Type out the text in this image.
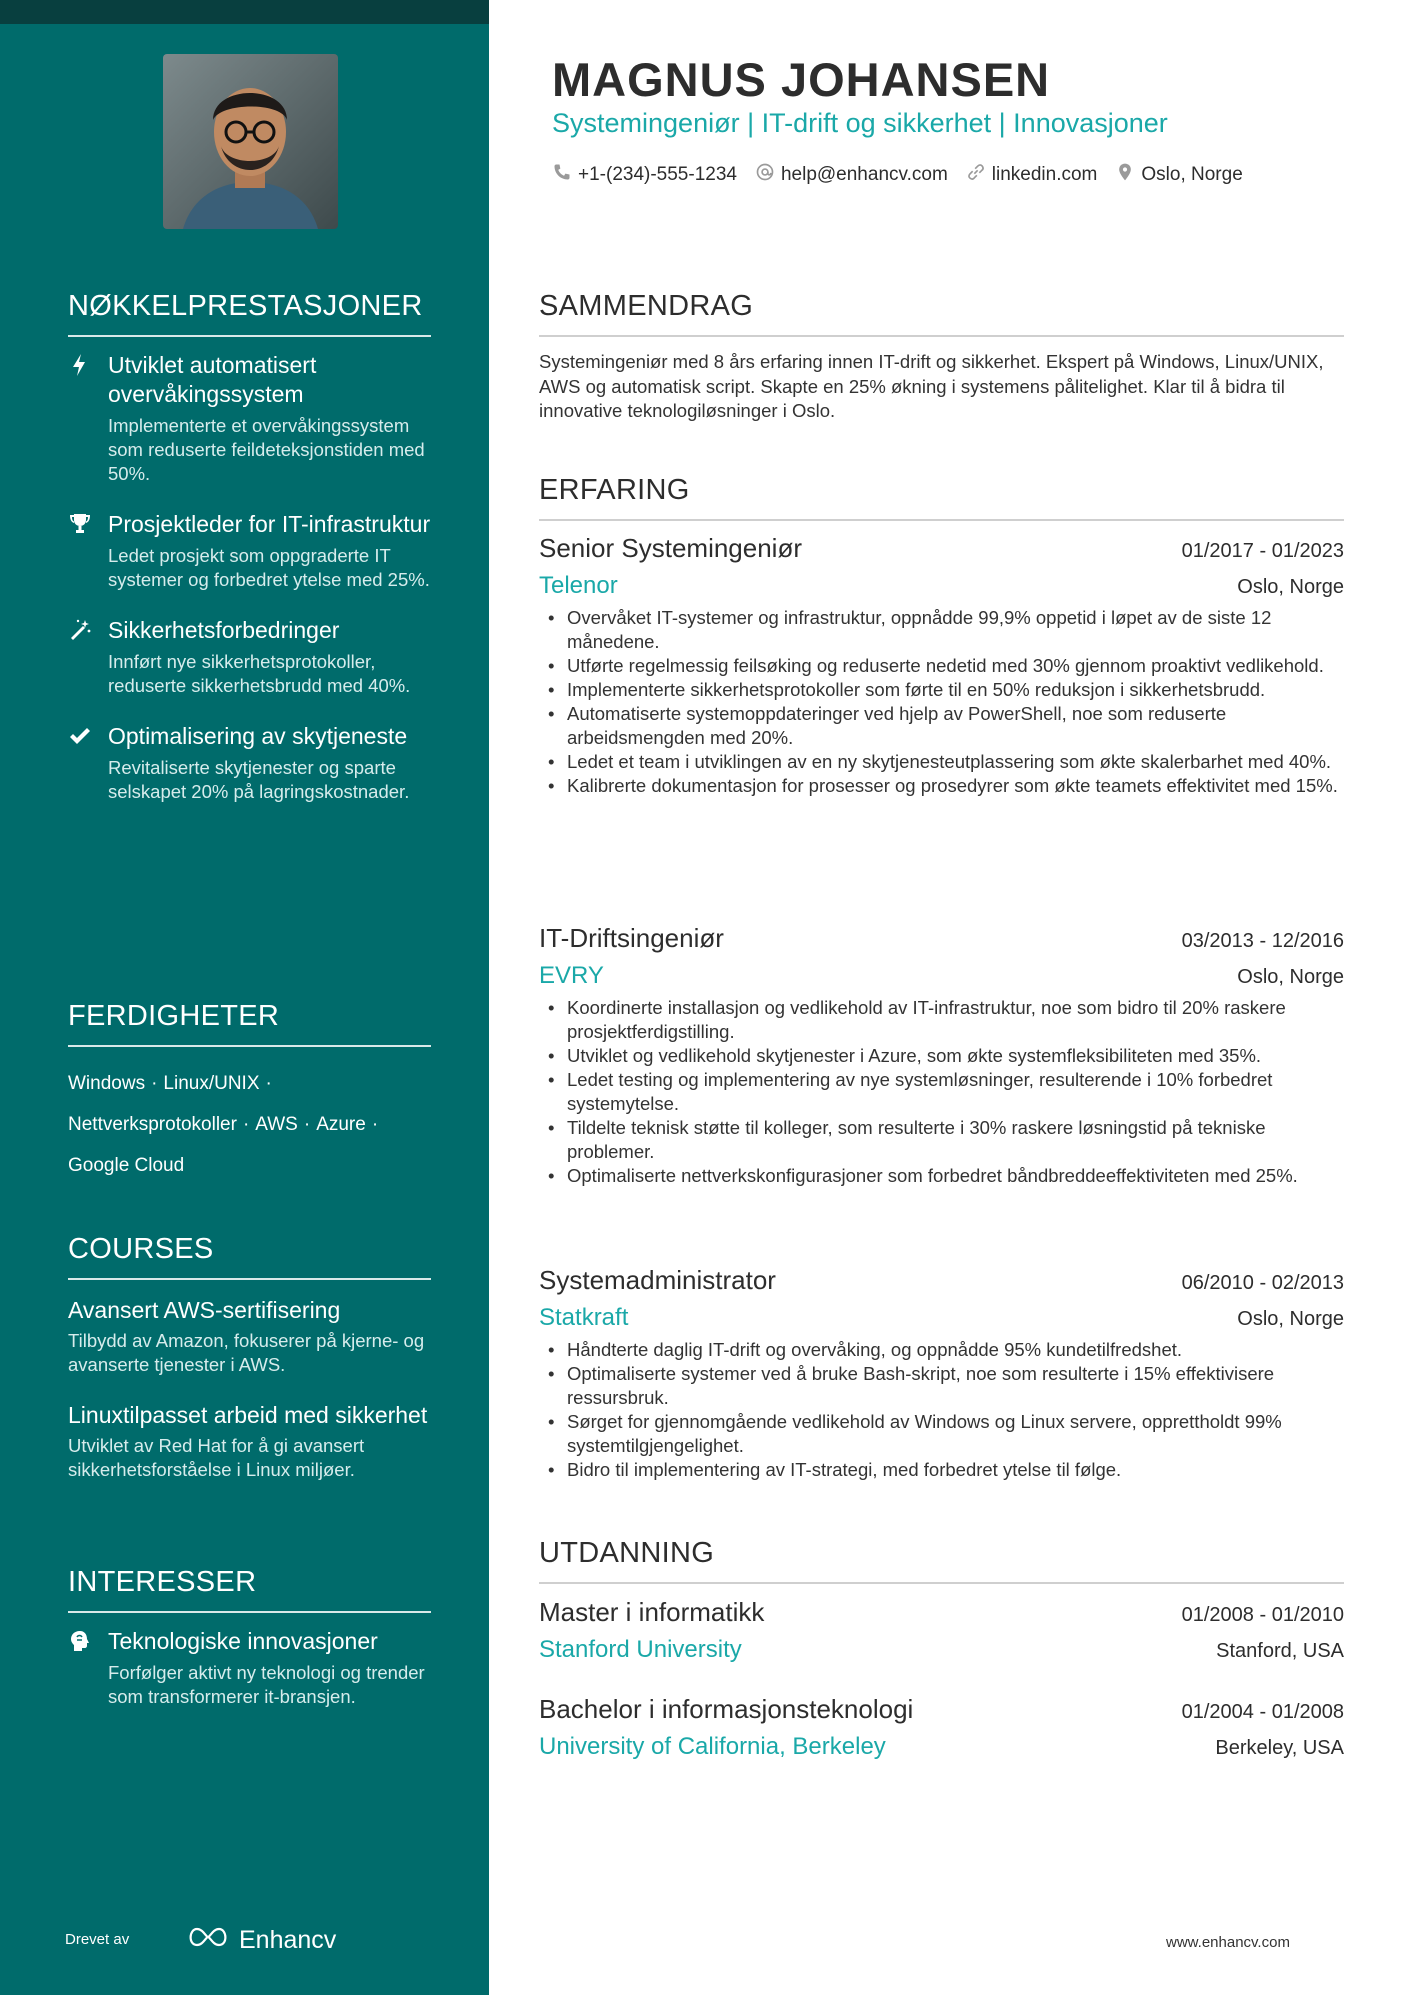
NØKKELPRESTASJONER
Utviklet automatisert overvåkingssystem
Implementerte et overvåkingssystem som reduserte feildeteksjonstiden med 50%.
Prosjektleder for IT-infrastruktur
Ledet prosjekt som oppgraderte IT systemer og forbedret ytelse med 25%.
Sikkerhetsforbedringer
Innført nye sikkerhetsprotokoller, reduserte sikkerhetsbrudd med 40%.
Optimalisering av skytjeneste
Revitaliserte skytjenester og sparte selskapet 20% på lagringskostnader.
FERDIGHETER
Windows · Linux/UNIX ·
Nettverksprotokoller · AWS · Azure ·
Google Cloud
COURSES
Avansert AWS-sertifisering
Tilbydd av Amazon, fokuserer på kjerne- og avanserte tjenester i AWS.
Linuxtilpasset arbeid med sikkerhet
Utviklet av Red Hat for å gi avansert sikkerhetsforståelse i Linux miljøer.
INTERESSER
Teknologiske innovasjoner
Forfølger aktivt ny teknologi og trender som transformerer it-bransjen.
Drevet av	Enhancv
MAGNUS JOHANSEN
Systemingeniør | IT-drift og sikkerhet | Innovasjoner
+1-(234)-555-1234 help@enhancv.com linkedin.com Oslo, Norge
SAMMENDRAG
Systemingeniør med 8 års erfaring innen IT-drift og sikkerhet. Ekspert på Windows, Linux/UNIX, AWS og automatisk script. Skapte en 25% økning i systemens pålitelighet. Klar til å bidra til innovative teknologiløsninger i Oslo.
ERFARING
Senior Systemingeniør	01/2017 - 01/2023
Telenor	Oslo, Norge
• Overvåket IT-systemer og infrastruktur, oppnådde 99,9% oppetid i løpet av de siste 12 månedene.
• Utførte regelmessig feilsøking og reduserte nedetid med 30% gjennom proaktivt vedlikehold.
• Implementerte sikkerhetsprotokoller som førte til en 50% reduksjon i sikkerhetsbrudd.
• Automatiserte systemoppdateringer ved hjelp av PowerShell, noe som reduserte arbeidsmengden med 20%.
• Ledet et team i utviklingen av en ny skytjenesteutplassering som økte skalerbarhet med 40%.
• Kalibrerte dokumentasjon for prosesser og prosedyrer som økte teamets effektivitet med 15%.
IT-Driftsingeniør	03/2013 - 12/2016
EVRY	Oslo, Norge
• Koordinerte installasjon og vedlikehold av IT-infrastruktur, noe som bidro til 20% raskere prosjektferdigstilling.
• Utviklet og vedlikehold skytjenester i Azure, som økte systemfleksibiliteten med 35%.
• Ledet testing og implementering av nye systemløsninger, resulterende i 10% forbedret systemytelse.
• Tildelte teknisk støtte til kolleger, som resulterte i 30% raskere løsningstid på tekniske problemer.
• Optimaliserte nettverkskonfigurasjoner som forbedret båndbreddeeffektiviteten med 25%.
Systemadministrator	06/2010 - 02/2013
Statkraft	Oslo, Norge
• Håndterte daglig IT-drift og overvåking, og oppnådde 95% kundetilfredshet.
• Optimaliserte systemer ved å bruke Bash-skript, noe som resulterte i 15% effektivisere ressursbruk.
• Sørget for gjennomgående vedlikehold av Windows og Linux servere, opprettholdt 99% systemtilgjengelighet.
• Bidro til implementering av IT-strategi, med forbedret ytelse til følge.
UTDANNING
Master i informatikk	01/2008 - 01/2010
Stanford University	Stanford, USA
Bachelor i informasjonsteknologi	01/2004 - 01/2008
University of California, Berkeley	Berkeley, USA
www.enhancv.com
